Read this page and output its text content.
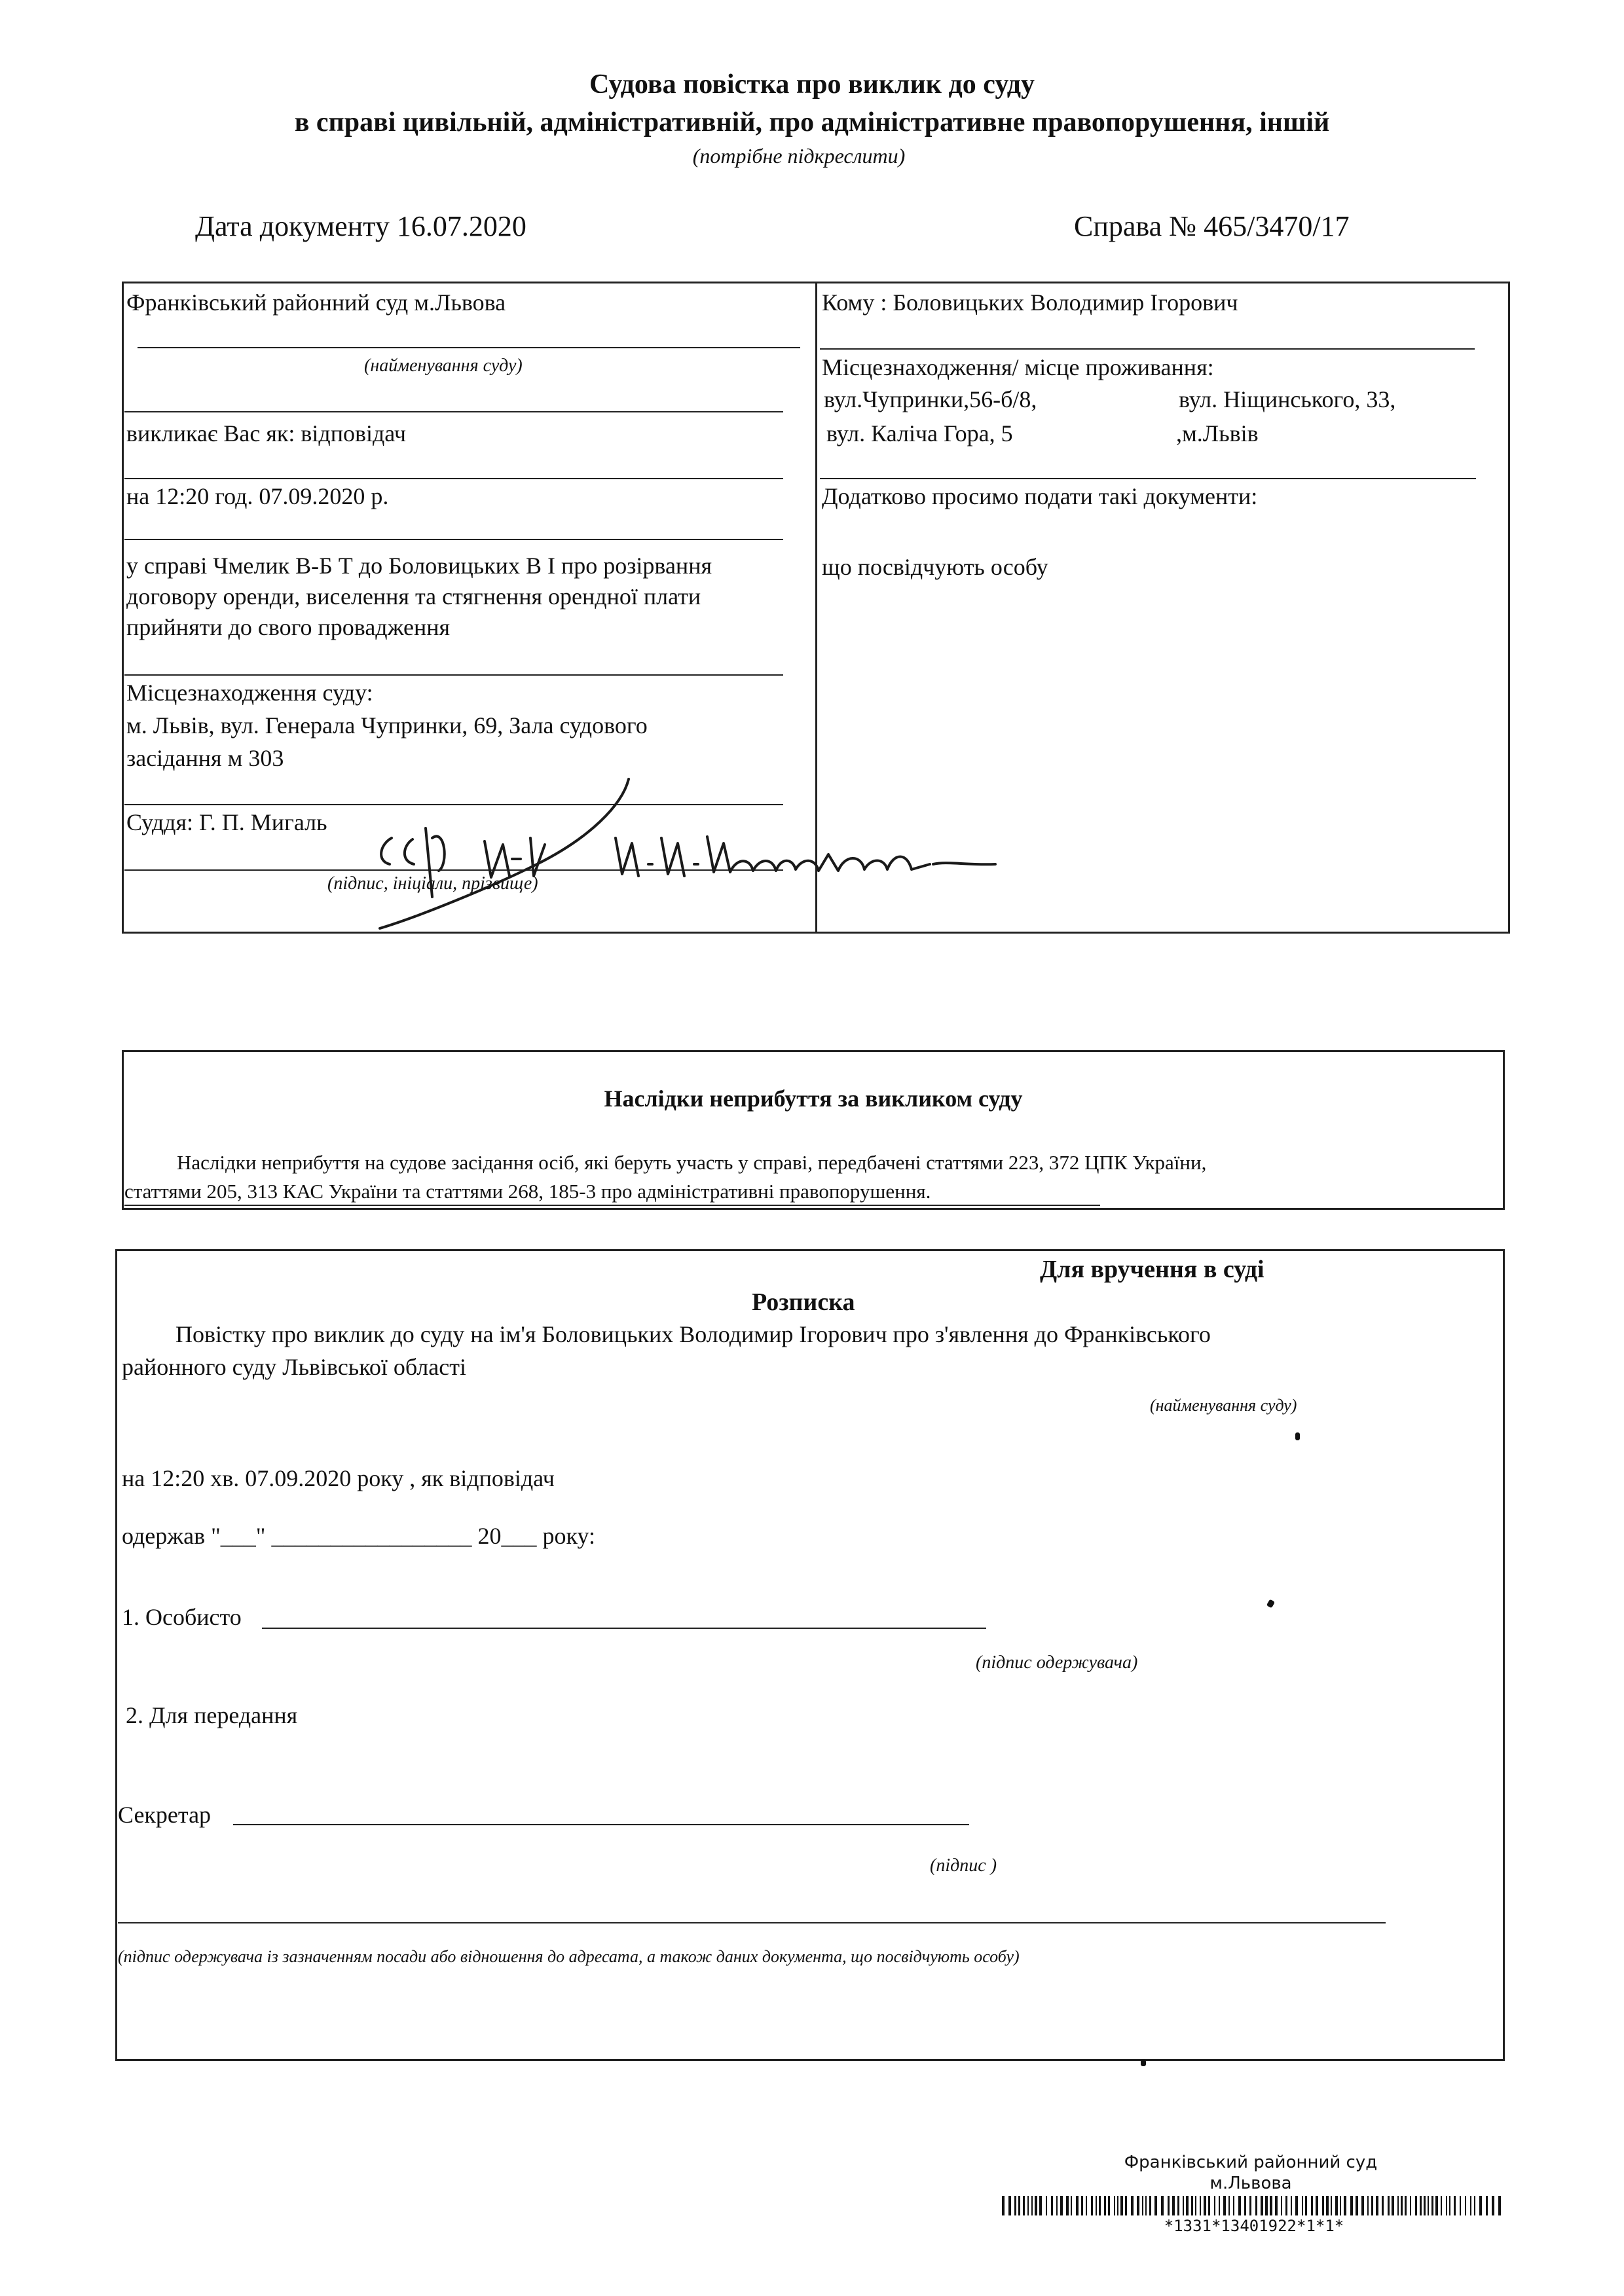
Судова повістка про виклик до суду
в справі цивільній, адміністративній, про адміністративне правопорушення, іншій
(потрібне підкреслити)
Дата документу 16.07.2020	Справа № 465/3470/17
Франківський районний суд м.Львова
(найменування суду)
викликає Вас як: відповідач
на 12:20 год. 07.09.2020 р.
у справі Чмелик В-Б Т до Боловицьких В І про розірвання
договору оренди, виселення та стягнення орендної плати
прийняти до свого провадження
Місцезнаходження суду:
м. Львів, вул. Генерала Чупринки, 69, Зала судового
засідання м 303
Суддя: Г. П. Мигаль
(підпис, ініціали, прізвище)
Кому : Боловицьких Володимир Ігорович
Місцезнаходження/ місце проживання:
вул.Чупринки,56-б/8,	вул. Ніщинського, 33,
вул. Каліча Гора, 5	,м.Львів
Додатково просимо подати такі документи:
що посвідчують особу
Наслідки неприбуття за викликом суду
Наслідки неприбуття на судове засідання осіб, які беруть участь у справі, передбачені статтями 223, 372 ЦПК України,
статтями 205, 313 КАС України та статтями 268, 185-3 про адміністративні правопорушення.
Для вручення в суді
Розписка
Повістку про виклик до суду на ім'я Боловицьких Володимир Ігорович про з'явлення до Франківського
районного суду Львівської області
(найменування суду)
на 12:20 хв. 07.09.2020 року , як відповідач
одержав "___" _________________ 20___ року:
1. Особисто
(підпис одержувача)
2. Для передання
Секретар
(підпис )
(підпис одержувача із зазначенням посади або відношення до адресата, а також даних документа, що посвідчують особу)
Франківський районний суд
м.Львова
*1331*13401922*1*1*
